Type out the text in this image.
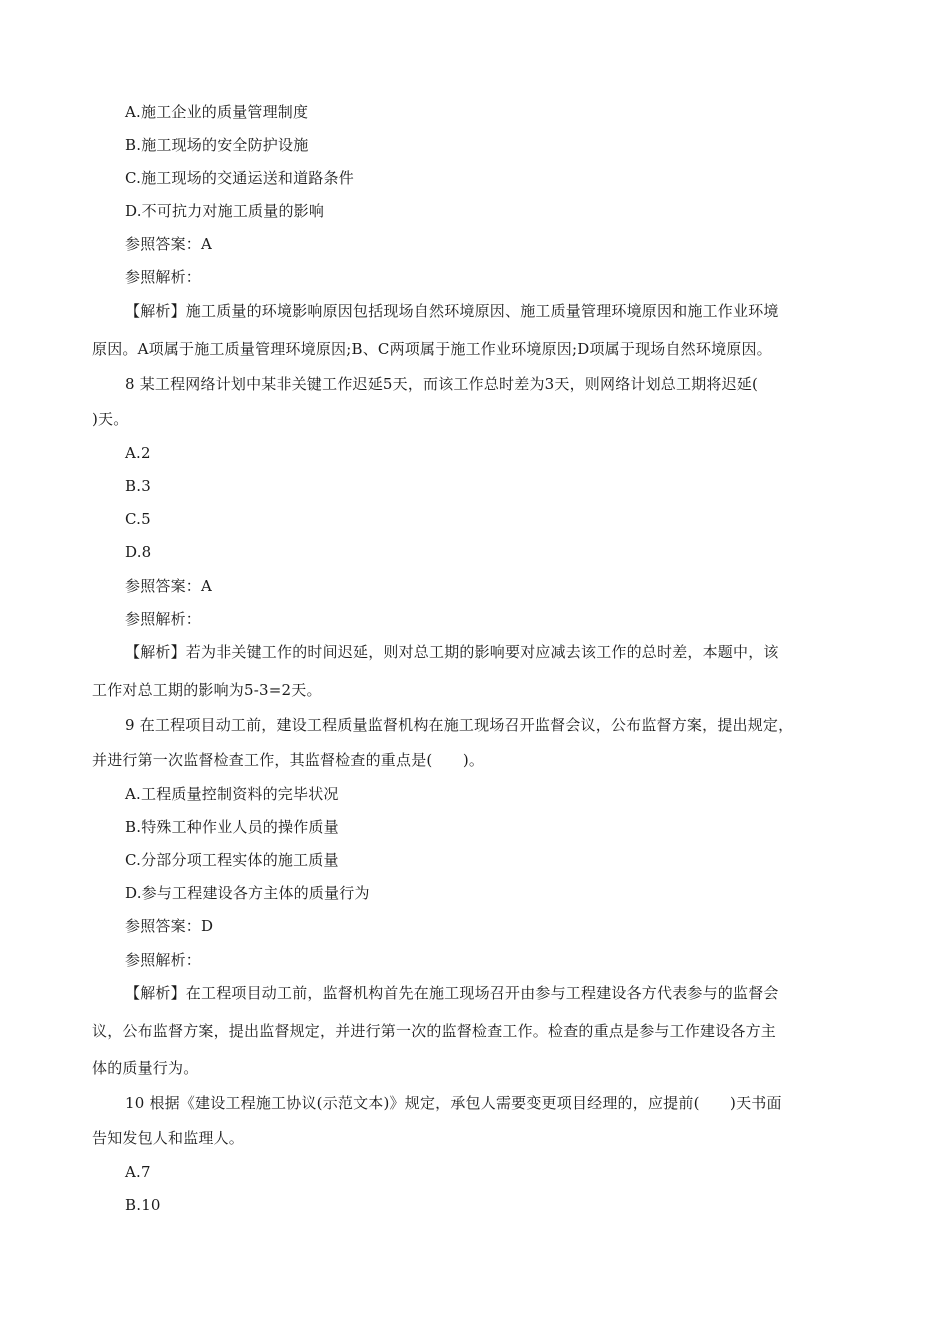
A.施工企业的质量管理制度
B.施工现场的安全防护设施
C.施工现场的交通运送和道路条件
D.不可抗力对施工质量的影响
参照答案：A
参照解析：
【解析】施工质量的环境影响原因包括现场自然环境原因、施工质量管理环境原因和施工作业环境
原因。A项属于施工质量管理环境原因;B、C两项属于施工作业环境原因;D项属于现场自然环境原因。
8 某工程网络计划中某非关键工作迟延5天，而该工作总时差为3天，则网络计划总工期将迟延(
)天。
A.2
B.3
C.5
D.8
参照答案：A
参照解析：
【解析】若为非关键工作的时间迟延，则对总工期的影响要对应减去该工作的总时差，本题中，该
工作对总工期的影响为5-3=2天。
9 在工程项目动工前，建设工程质量监督机构在施工现场召开监督会议，公布监督方案，提出规定，
并进行第一次监督检查工作，其监督检查的重点是(　　)。
A.工程质量控制资料的完毕状况
B.特殊工种作业人员的操作质量
C.分部分项工程实体的施工质量
D.参与工程建设各方主体的质量行为
参照答案：D
参照解析：
【解析】在工程项目动工前，监督机构首先在施工现场召开由参与工程建设各方代表参与的监督会
议，公布监督方案，提出监督规定，并进行第一次的监督检查工作。检查的重点是参与工作建设各方主
体的质量行为。
10 根据《建设工程施工协议(示范文本)》规定，承包人需要变更项目经理的，应提前(　　)天书面
告知发包人和监理人。
A.7
B.10
